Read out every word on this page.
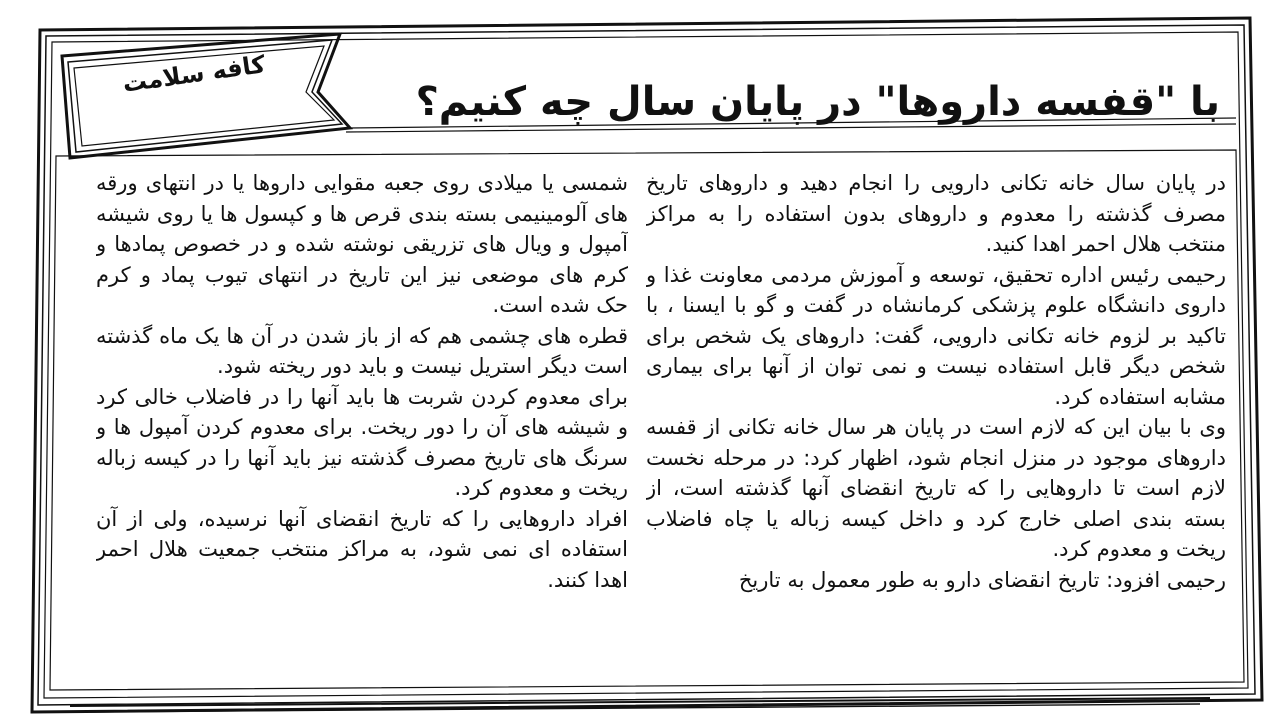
کافه سلامت
با "قفسه داروها" در پایان سال چه کنیم؟

در پایان سال خانه تکانی دارویی را انجام دهید و داروهای تاریخ مصرف گذشته را معدوم و داروهای بدون استفاده را به مراکز منتخب هلال احمر اهدا کنید.

رحیمی رئیس اداره تحقیق، توسعه و آموزش مردمی معاونت غذا و داروی دانشگاه علوم پزشکی کرمانشاه در گفت و گو با ایسنا ، با تاکید بر لزوم خانه تکانی دارویی، گفت: داروهای یک شخص برای شخص دیگر قابل استفاده نیست و نمی توان از آنها برای بیماری مشابه استفاده کرد.

وی با بیان این که لازم است در پایان هر سال خانه تکانی از قفسه داروهای موجود در منزل انجام شود، اظهار کرد: در مرحله نخست لازم است تا داروهایی را که تاریخ انقضای آنها گذشته است، از بسته بندی اصلی خارج کرد و داخل کیسه زباله یا چاه فاضلاب ریخت و معدوم کرد.

رحیمی افزود: تاریخ انقضای دارو به طور معمول به تاریخ

شمسی یا میلادی روی جعبه مقوایی داروها یا در انتهای ورقه های آلومینیمی بسته بندی قرص ها و کپسول ها یا روی شیشه آمپول و ویال های تزریقی نوشته شده و در خصوص پمادها و کرم های موضعی نیز این تاریخ در انتهای تیوب پماد و کرم حک شده است.

قطره های چشمی هم که از باز شدن در آن ها یک ماه گذشته است دیگر استریل نیست و باید دور ریخته شود.

برای معدوم کردن شربت ها باید آنها را در فاضلاب خالی کرد و شیشه های آن را دور ریخت. برای معدوم کردن آمپول ها و سرنگ های تاریخ مصرف گذشته نیز باید آنها را در کیسه زباله ریخت و معدوم کرد.

افراد داروهایی را که تاریخ انقضای آنها نرسیده، ولی از آن استفاده ای نمی شود، به مراکز منتخب جمعیت هلال احمر اهدا کنند.
